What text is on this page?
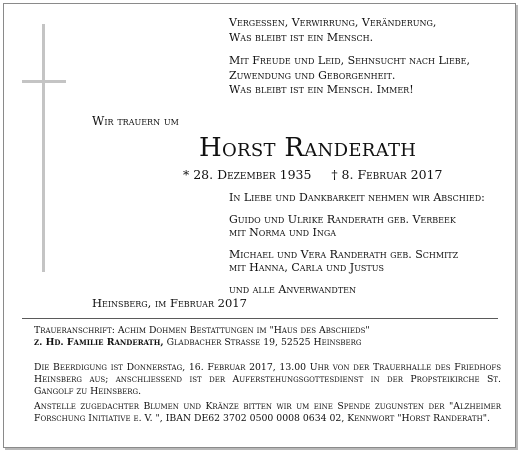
Vergessen, Verwirrung, Veränderung,
Was bleibt ist ein Mensch.
Mit Freude und Leid, Sehnsucht nach Liebe,
Zuwendung und Geborgenheit.
Was bleibt ist ein Mensch. Immer!
Wir trauern um
Horst Randerath
* 28. Dezember 1935     † 8. Februar 2017
In Liebe und Dankbarkeit nehmen wir Abschied:
Guido und Ulrike Randerath geb. Verbeek
mit Norma und Inga
Michael und Vera Randerath geb. Schmitz
mit Hanna, Carla und Justus
und alle Anverwandten
Heinsberg, im Februar 2017
Traueranschrift: Achim Dohmen Bestattungen im "Haus des Abschieds"
z. Hd. Familie Randerath, Gladbacher Strasse 19, 52525 Heinsberg
Die Beerdigung ist Donnerstag, 16. Februar 2017, 13.00 Uhr von der Trauerhalle des Friedhofs Heinsberg aus; anschließend ist der Auferstehungsgottesdienst in der Propsteikirche St. Gangolf zu Heinsberg.
Anstelle zugedachter Blumen und Kränze bitten wir um eine Spende zugunsten der "Alzheimer Forschung Initiative e. V. ", IBAN DE62 3702 0500 0008 0634 02, Kennwort "Horst Randerath".
